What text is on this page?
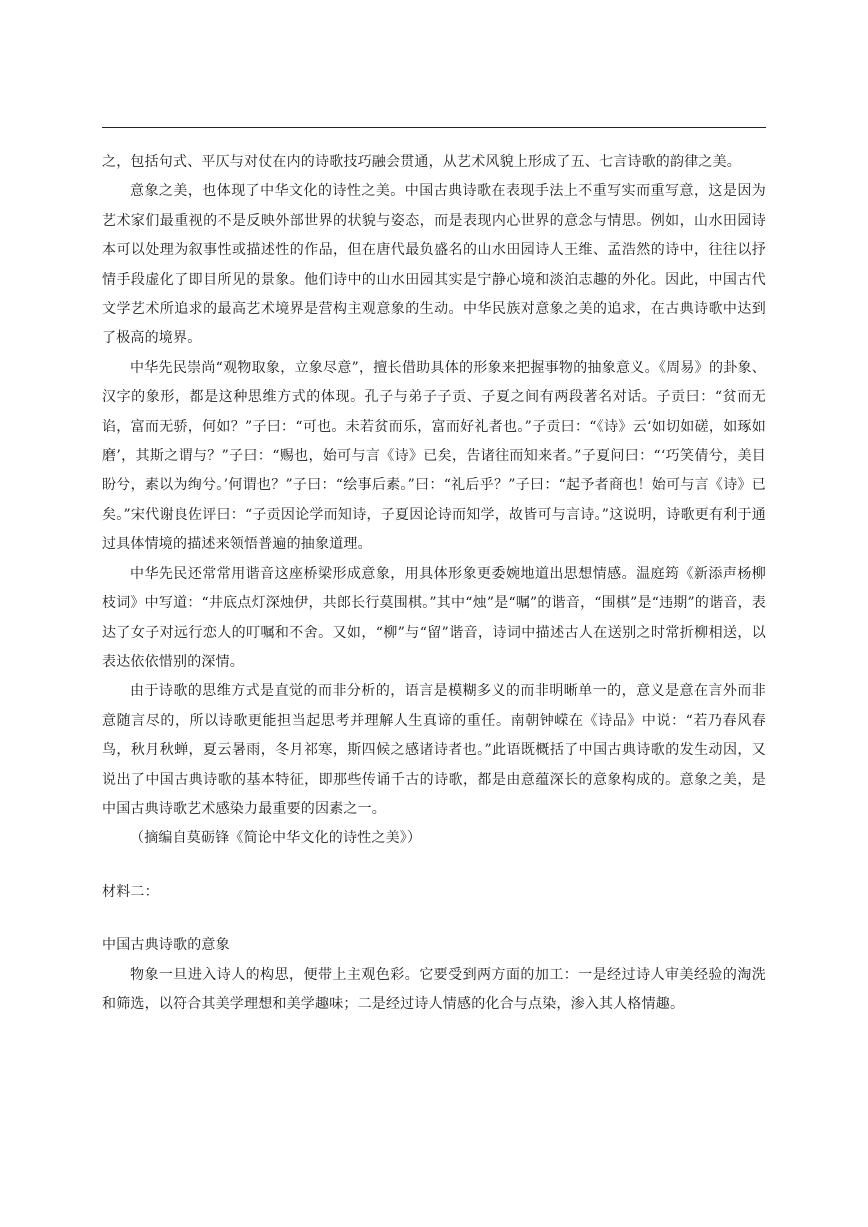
之，包括句式、平仄与对仗在内的诗歌技巧融会贯通，从艺术风貌上形成了五、七言诗歌的韵律之美。

意象之美，也体现了中华文化的诗性之美。中国古典诗歌在表现手法上不重写实而重写意，这是因为艺术家们最重视的不是反映外部世界的状貌与姿态，而是表现内心世界的意念与情思。例如，山水田园诗本可以处理为叙事性或描述性的作品，但在唐代最负盛名的山水田园诗人王维、孟浩然的诗中，往往以抒情手段虚化了即目所见的景象。他们诗中的山水田园其实是宁静心境和淡泊志趣的外化。因此，中国古代文学艺术所追求的最高艺术境界是营构主观意象的生动。中华民族对意象之美的追求，在古典诗歌中达到了极高的境界。

中华先民崇尚“观物取象，立象尽意”，擅长借助具体的形象来把握事物的抽象意义。《周易》的卦象、汉字的象形，都是这种思维方式的体现。孔子与弟子子贡、子夏之间有两段著名对话。子贡曰：“贫而无谄，富而无骄，何如？”子曰：“可也。未若贫而乐，富而好礼者也。”子贡曰：“《诗》云‘如切如磋，如琢如磨’，其斯之谓与？”子曰：“赐也，始可与言《诗》已矣，告诸往而知来者。”子夏问曰：“‘巧笑倩兮，美目盼兮，素以为绚兮。’何谓也？”子曰：“绘事后素。”曰：“礼后乎？”子曰：“起予者商也！始可与言《诗》已矣。”宋代谢良佐评曰：“子贡因论学而知诗，子夏因论诗而知学，故皆可与言诗。”这说明，诗歌更有利于通过具体情境的描述来领悟普遍的抽象道理。

中华先民还常常用谐音这座桥梁形成意象，用具体形象更委婉地道出思想情感。温庭筠《新添声杨柳枝词》中写道：“井底点灯深烛伊，共郎长行莫围棋。”其中“烛”是“嘱”的谐音，“围棋”是“违期”的谐音，表达了女子对远行恋人的叮嘱和不舍。又如，“柳”与“留”谐音，诗词中描述古人在送别之时常折柳相送，以表达依依惜别的深情。

由于诗歌的思维方式是直觉的而非分析的，语言是模糊多义的而非明晰单一的，意义是意在言外而非意随言尽的，所以诗歌更能担当起思考并理解人生真谛的重任。南朝钟嵘在《诗品》中说：“若乃春风春鸟，秋月秋蝉，夏云暑雨，冬月祁寒，斯四候之感诸诗者也。”此语既概括了中国古典诗歌的发生动因，又说出了中国古典诗歌的基本特征，即那些传诵千古的诗歌，都是由意蕴深长的意象构成的。意象之美，是中国古典诗歌艺术感染力最重要的因素之一。

（摘编自莫砺锋《简论中华文化的诗性之美》）

材料二：

中国古典诗歌的意象

物象一旦进入诗人的构思，便带上主观色彩。它要受到两方面的加工：一是经过诗人审美经验的淘洗和筛选，以符合其美学理想和美学趣味；二是经过诗人情感的化合与点染，渗入其人格情趣。
